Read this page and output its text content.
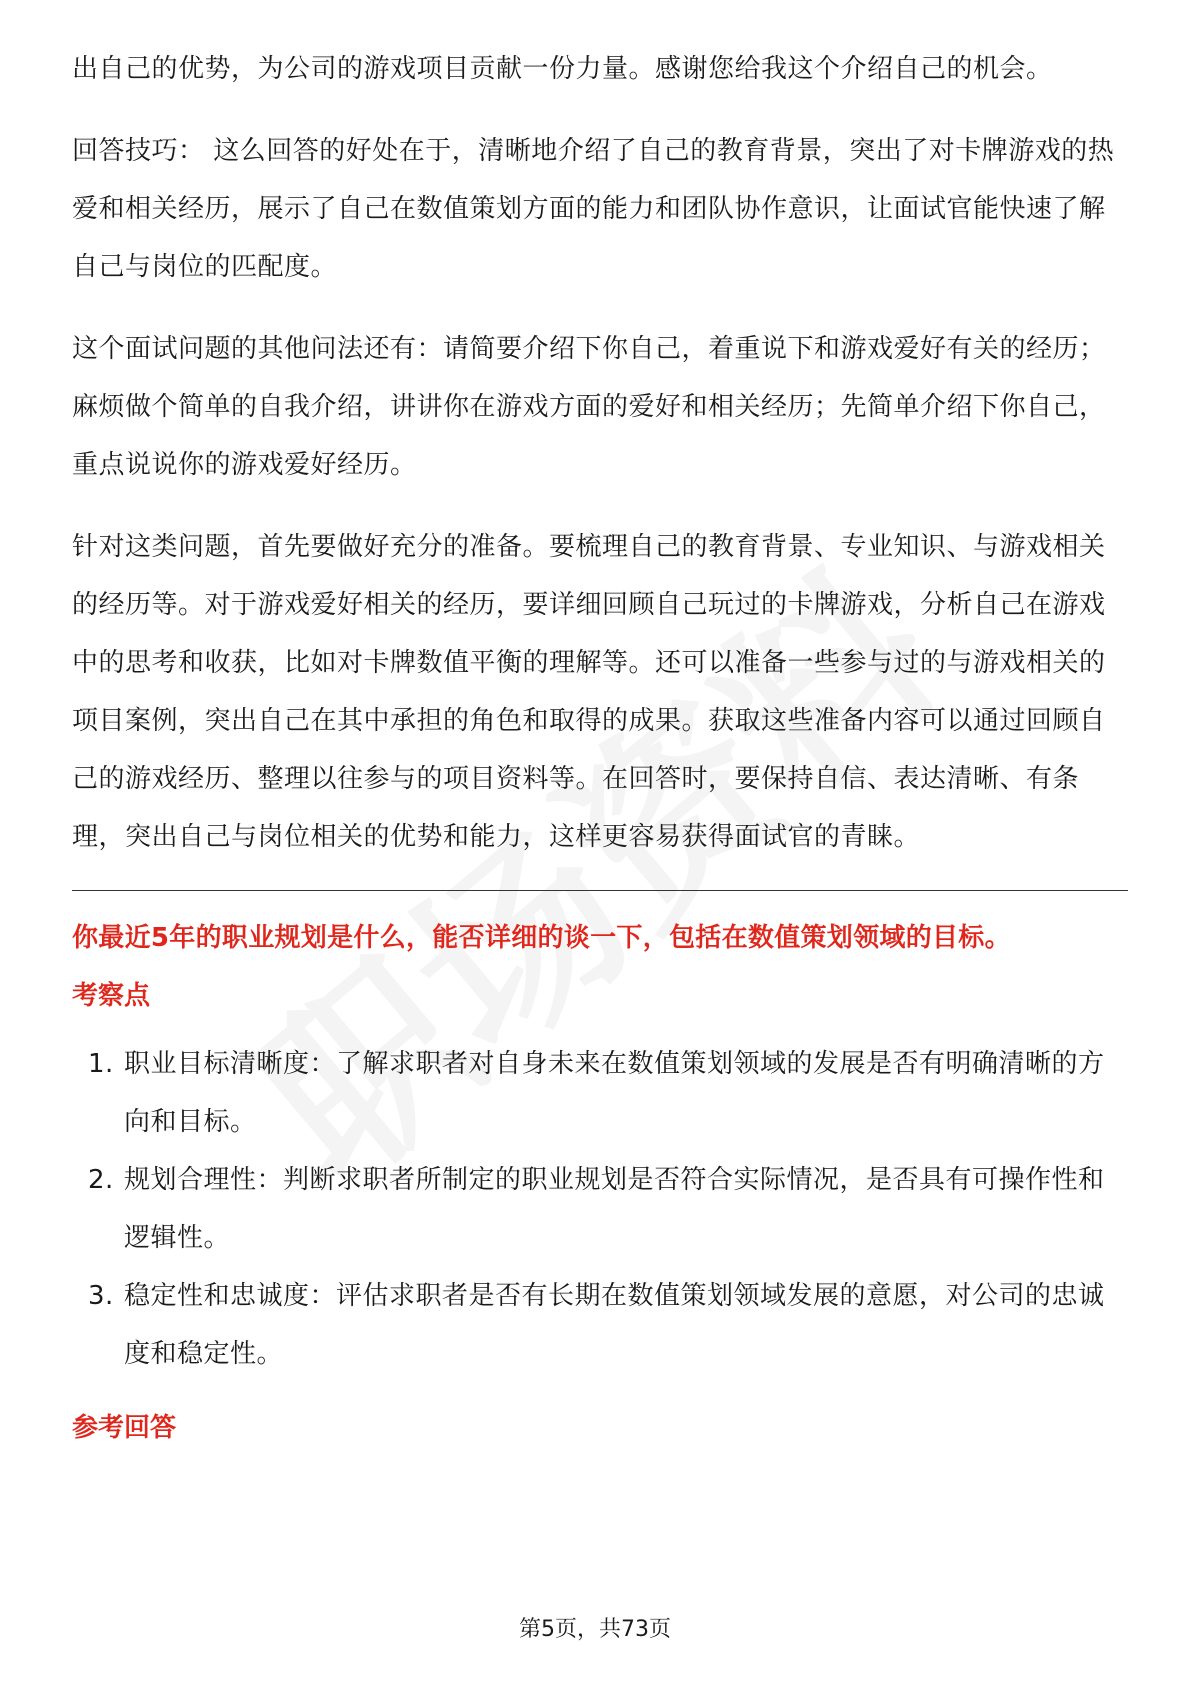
出自己的优势，为公司的游戏项目贡献一份力量。感谢您给我这个介绍自己的机会。

回答技巧： 这么回答的好处在于，清晰地介绍了自己的教育背景，突出了对卡牌游戏的热爱和相关经历，展示了自己在数值策划方面的能力和团队协作意识，让面试官能快速了解自己与岗位的匹配度。

这个面试问题的其他问法还有：请简要介绍下你自己，着重说下和游戏爱好有关的经历；麻烦做个简单的自我介绍，讲讲你在游戏方面的爱好和相关经历；先简单介绍下你自己，重点说说你的游戏爱好经历。

针对这类问题，首先要做好充分的准备。要梳理自己的教育背景、专业知识、与游戏相关的经历等。对于游戏爱好相关的经历，要详细回顾自己玩过的卡牌游戏，分析自己在游戏中的思考和收获，比如对卡牌数值平衡的理解等。还可以准备一些参与过的与游戏相关的项目案例，突出自己在其中承担的角色和取得的成果。获取这些准备内容可以通过回顾自己的游戏经历、整理以往参与的项目资料等。在回答时，要保持自信、表达清晰、有条理，突出自己与岗位相关的优势和能力，这样更容易获得面试官的青睐。

你最近5年的职业规划是什么，能否详细的谈一下，包括在数值策划领域的目标。

考察点

1. 职业目标清晰度：了解求职者对自身未来在数值策划领域的发展是否有明确清晰的方向和目标。
2. 规划合理性：判断求职者所制定的职业规划是否符合实际情况，是否具有可操作性和逻辑性。
3. 稳定性和忠诚度：评估求职者是否有长期在数值策划领域发展的意愿，对公司的忠诚度和稳定性。

参考回答

第5页，共73页
